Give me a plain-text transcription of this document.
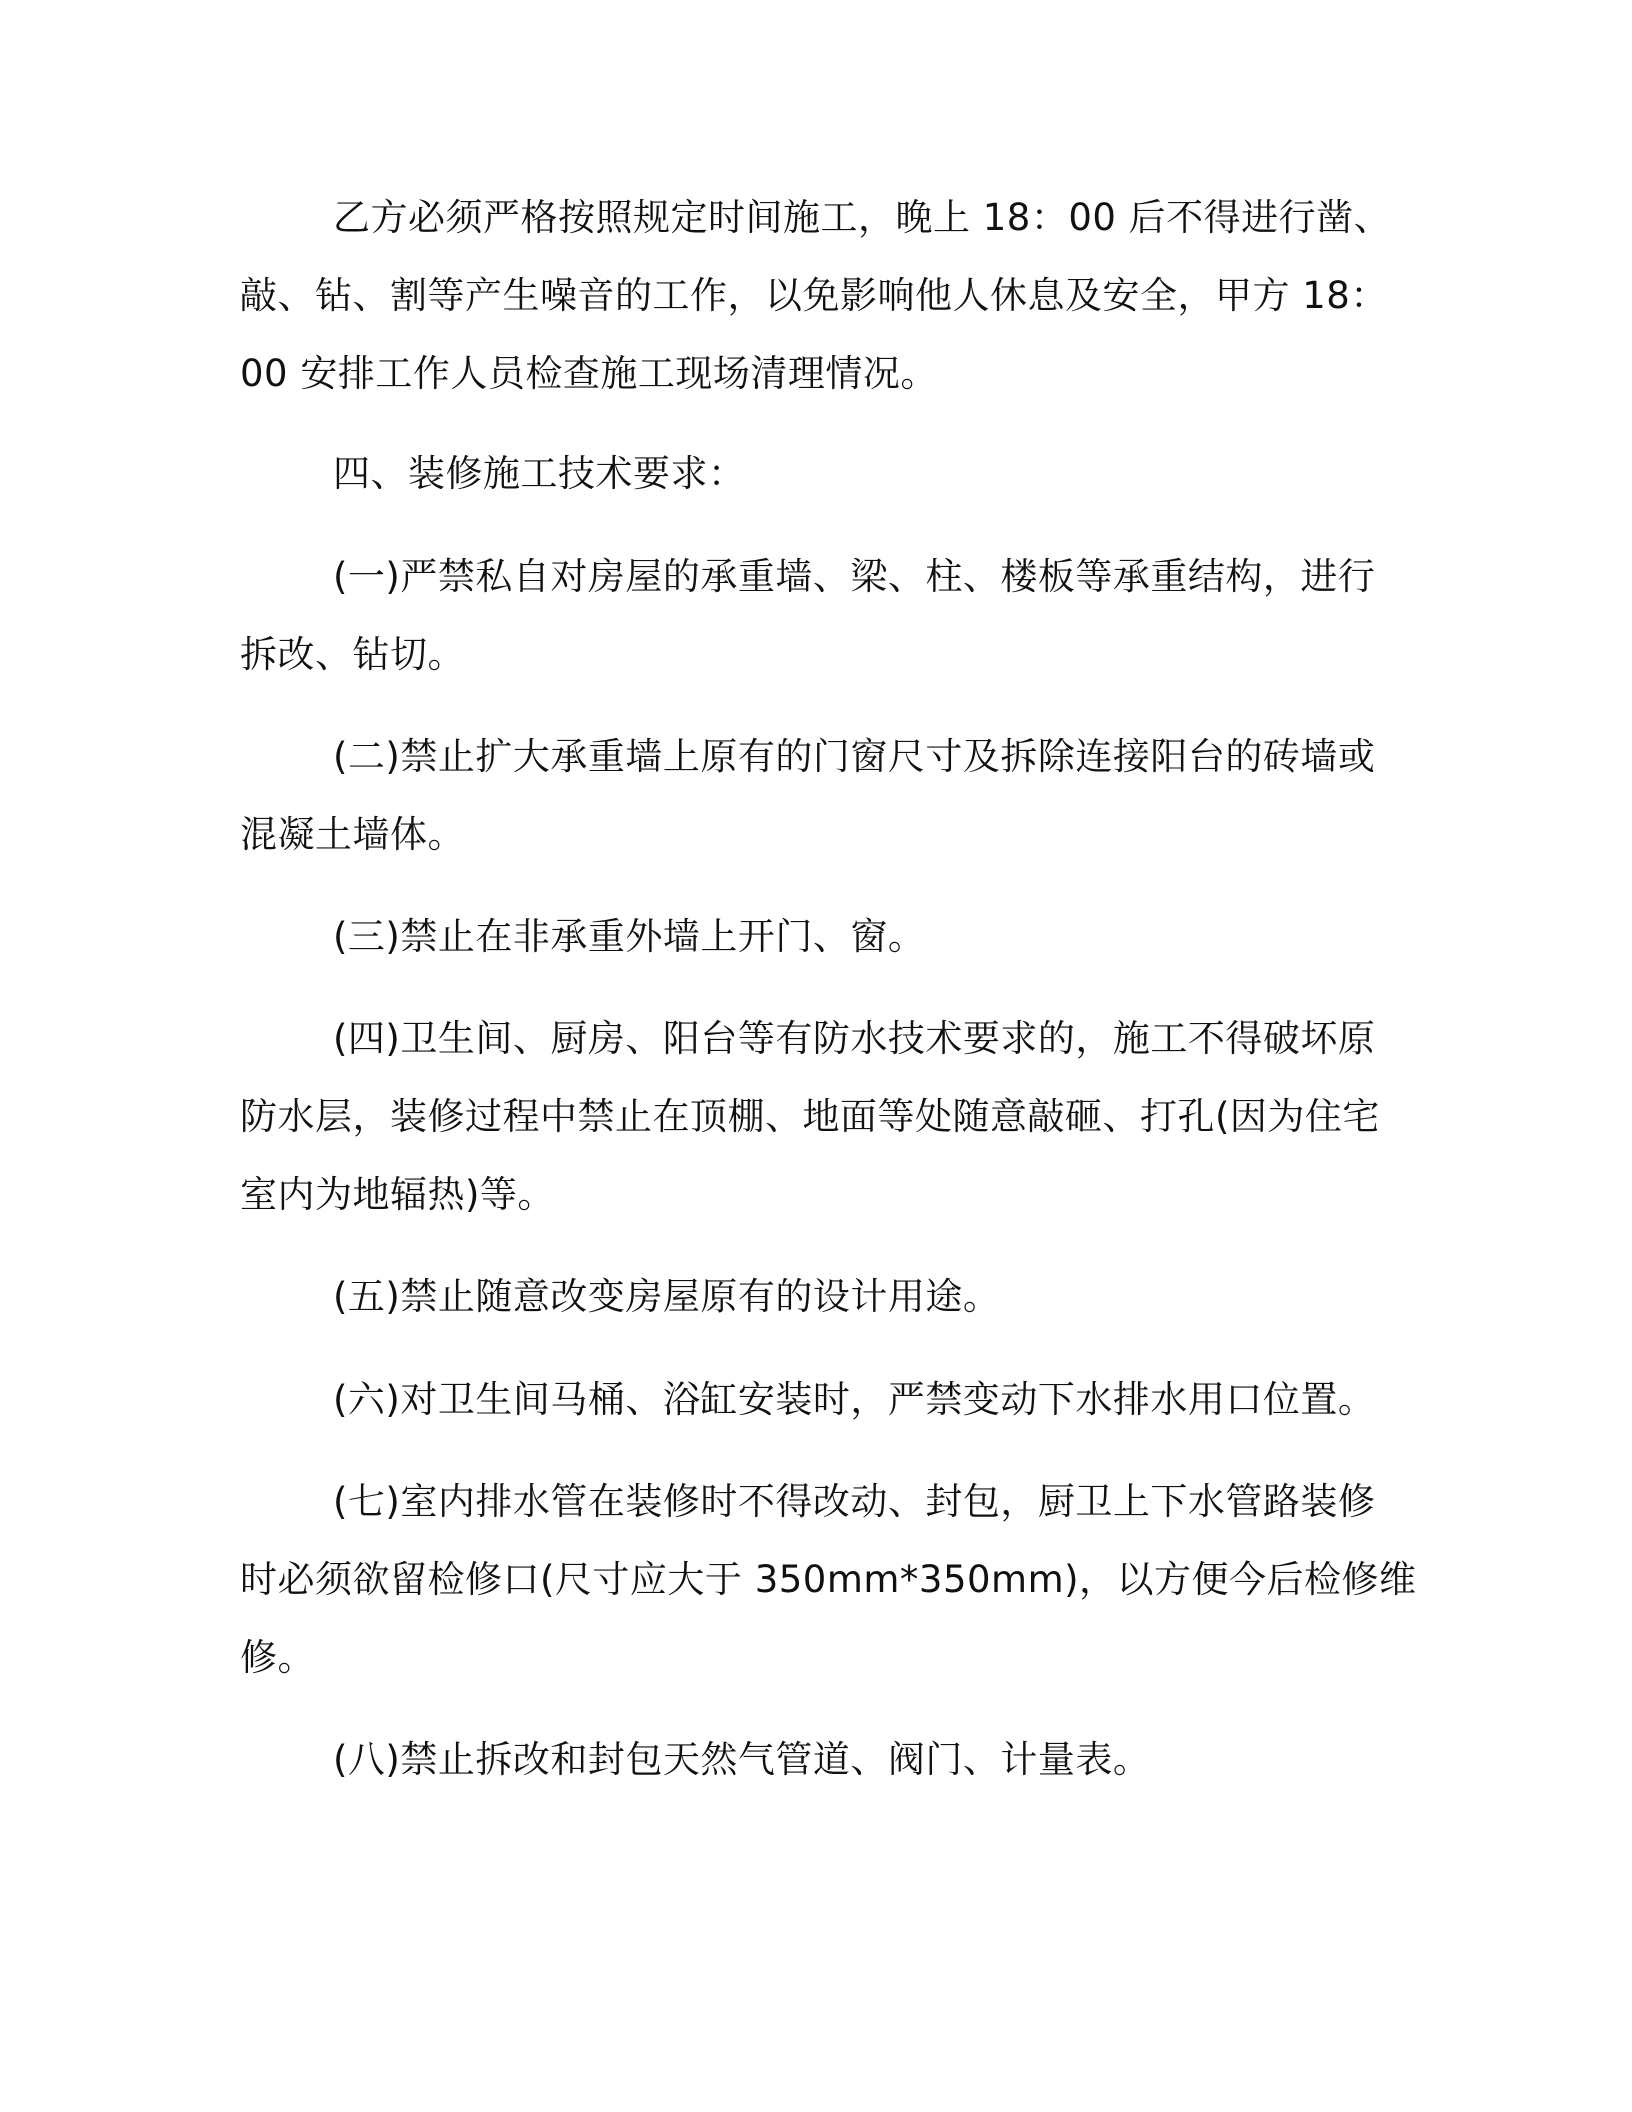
乙方必须严格按照规定时间施工，晚上 18：00 后不得进行凿、

敲、钻、割等产生噪音的工作，以免影响他人休息及安全，甲方 18：

00 安排工作人员检查施工现场清理情况。

四、装修施工技术要求：

(一)严禁私自对房屋的承重墙、梁、柱、楼板等承重结构，进行

拆改、钻切。

(二)禁止扩大承重墙上原有的门窗尺寸及拆除连接阳台的砖墙或

混凝土墙体。

(三)禁止在非承重外墙上开门、窗。

(四)卫生间、厨房、阳台等有防水技术要求的，施工不得破坏原

防水层，装修过程中禁止在顶棚、地面等处随意敲砸、打孔(因为住宅

室内为地辐热)等。

(五)禁止随意改变房屋原有的设计用途。

(六)对卫生间马桶、浴缸安装时，严禁变动下水排水用口位置。

(七)室内排水管在装修时不得改动、封包，厨卫上下水管路装修

时必须欲留检修口(尺寸应大于 350mm*350mm)，以方便今后检修维

修。

(八)禁止拆改和封包天然气管道、阀门、计量表。
